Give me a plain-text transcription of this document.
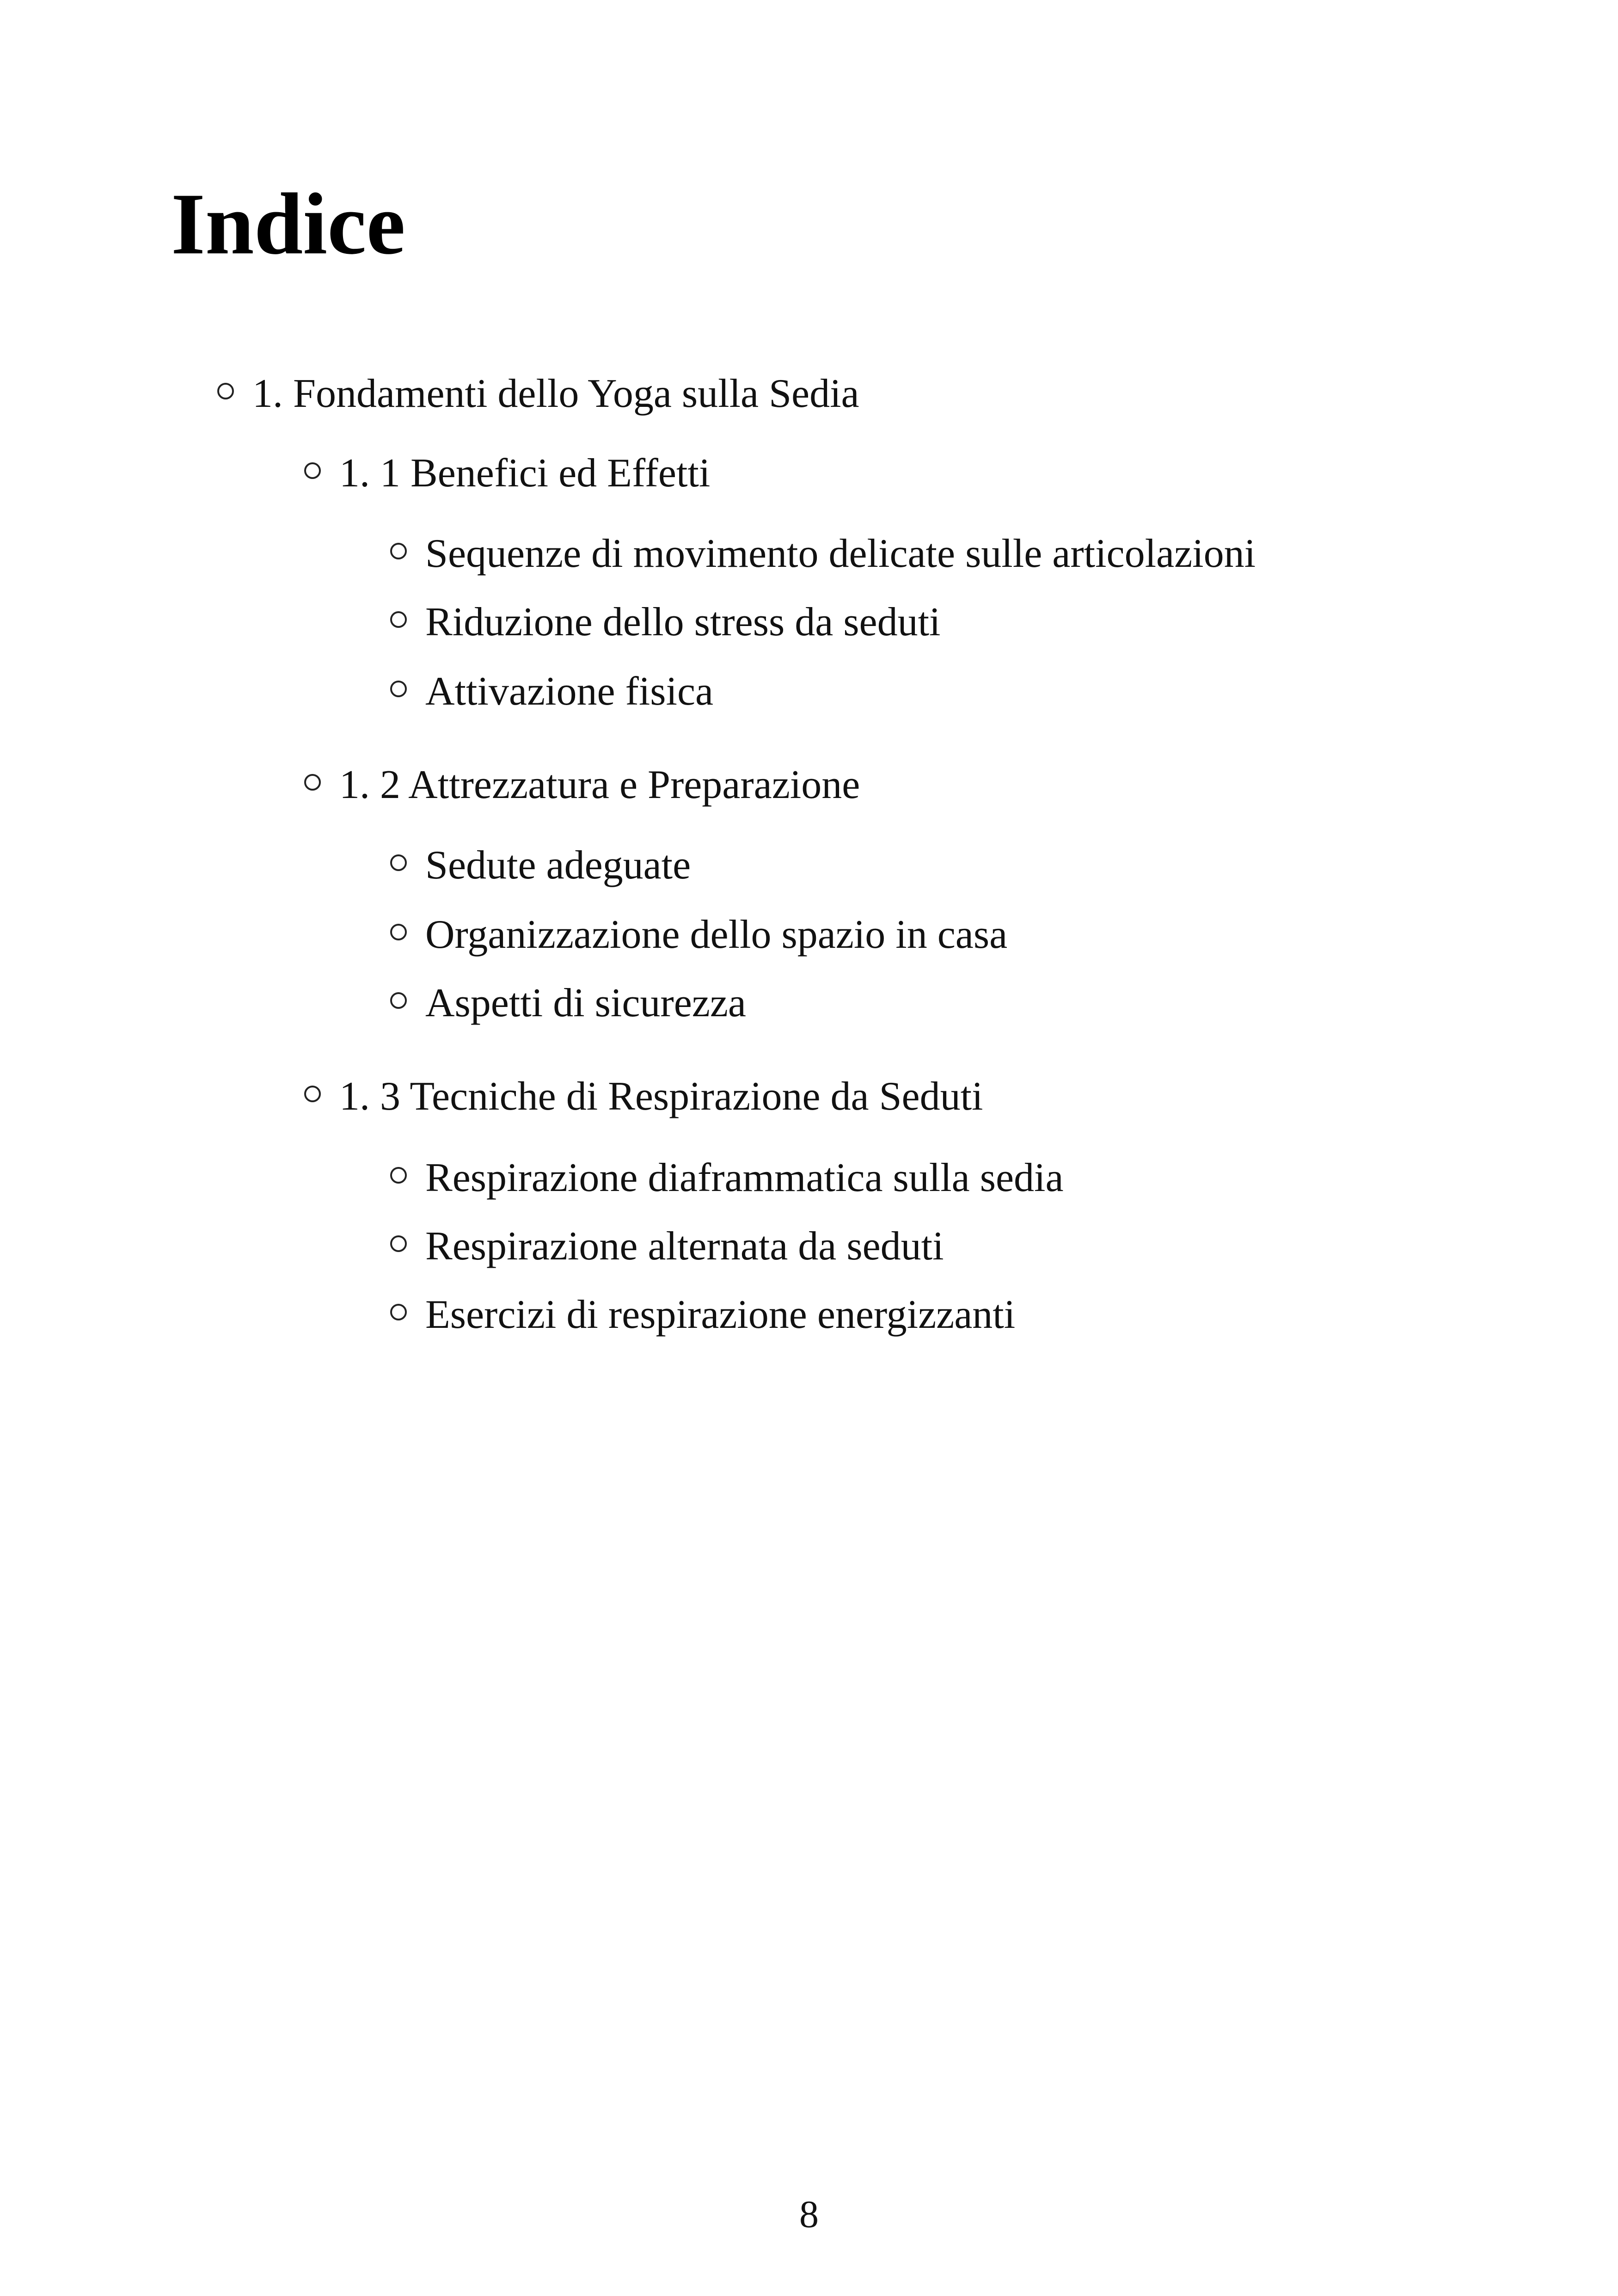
Indice
1. Fondamenti dello Yoga sulla Sedia
1. 1 Benefici ed Effetti
Sequenze di movimento delicate sulle articolazioni
Riduzione dello stress da seduti
Attivazione fisica
1. 2 Attrezzatura e Preparazione
Sedute adeguate
Organizzazione dello spazio in casa
Aspetti di sicurezza
1. 3 Tecniche di Respirazione da Seduti
Respirazione diaframmatica sulla sedia
Respirazione alternata da seduti
Esercizi di respirazione energizzanti
8
